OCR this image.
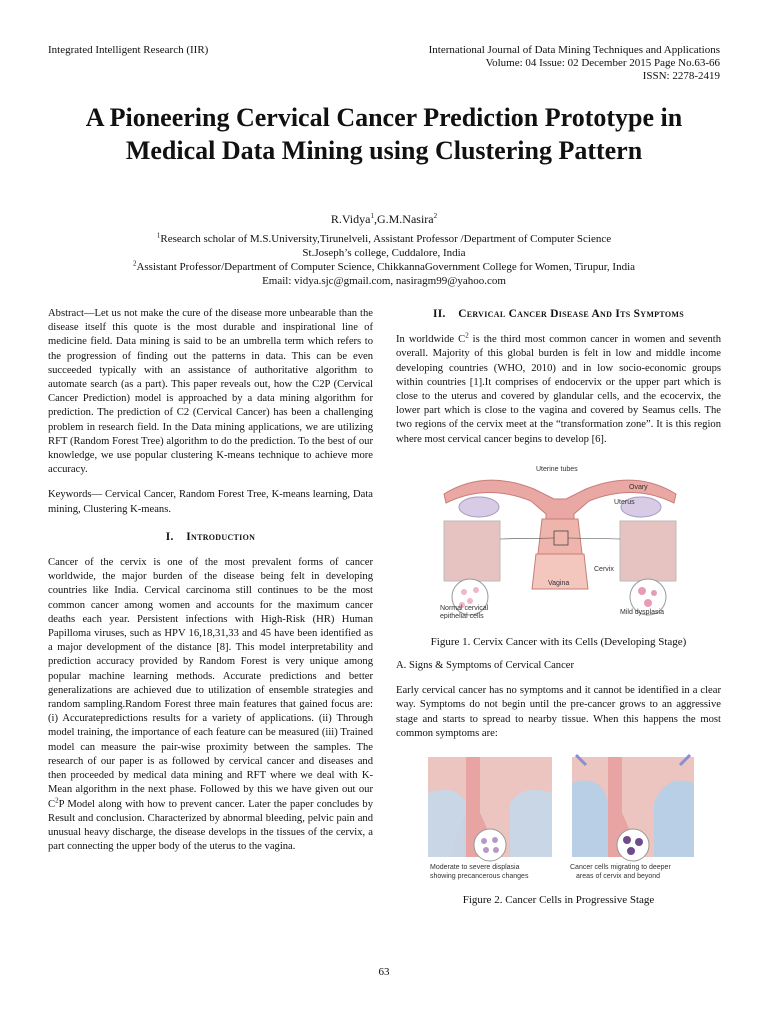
Integrated Intelligent Research (IIR)	International Journal of Data Mining Techniques and Applications
Volume: 04 Issue: 02 December 2015 Page No.63-66
ISSN: 2278-2419
A Pioneering Cervical Cancer Prediction Prototype in Medical Data Mining using Clustering Pattern
R.Vidya$^1$,G.M.Nasira$^2$
$^1$Research scholar of M.S.University,Tirunelveli, Assistant Professor /Department of Computer Science
St.Joseph’s college, Cuddalore, India
$^2$Assistant Professor/Department of Computer Science, ChikkannaGovernment College for Women, Tirupur, India
Email: vidya.sjc@gmail.com, nasiragm99@yahoo.com

Abstract—Let us not make the cure of the disease more unbearable than the disease itself this quote is the most durable and inspirational line of medicine field. Data mining is said to be an umbrella term which refers to the progression of finding out the patterns in data. This can be even succeeded typically with an assistance of authoritative algorithm to automate search (as a part). This paper reveals out, how the C2P (Cervical Cancer Prediction) model is approached by a data mining algorithm for prediction. The prediction of C2 (Cervical Cancer) has been a challenging problem in research field. In the Data mining applications, we are utilizing RFT (Random Forest Tree) algorithm to do the prediction. To the best of our knowledge, we use popular clustering K-means technique to achieve more accuracy.

Keywords— Cervical Cancer, Random Forest Tree, K-means learning, Data mining, Clustering K-means.

I. Introduction

Cancer of the cervix is one of the most prevalent forms of cancer worldwide, the major burden of the disease being felt in developing countries like India. Cervical carcinoma still continues to be the most common cancer among women and accounts for the maximum cancer deaths each year. Persistent infections with High-Risk (HR) Human Papilloma viruses, such as HPV 16,18,31,33 and 45 have been identified as a major development of the distance [8]. This model interpretability and prediction accuracy provided by Random Forest is very unique among popular machine learning methods. Accurate predictions and better generalizations are achieved due to utilization of ensemble strategies and random sampling.Random Forest three main features that gained focus are: (i) Accuratepredictions results for a variety of applications. (ii) Through model training, the importance of each feature can be measured (iii) Trained model can measure the pair-wise proximity between the samples. The research of our paper is as followed by cervical cancer and diseases and then proceeded by medical data mining and RFT where we deal with K-Mean algorithm in the next phase. Followed by this we have given out our $C^2P$ Model along with how to prevent cancer. Later the paper concludes by Result and conclusion. Characterized by abnormal bleeding, pelvic pain and unusual heavy discharge, the disease develops in the tissues of the cervix, a part connecting the upper body of the uterus to the vagina.

II. Cervical Cancer Disease And Its Symptoms

In worldwide $C^2$ is the third most common cancer in women and seventh overall. Majority of this global burden is felt in low and middle income developing countries (WHO, 2010) and in low socio-economic groups within countries [1].It comprises of endocervix or the upper part which is close to the uterus and covered by glandular cells, and the ecocervix, the lower part which is close to the vagina and covered by Seamus cells. The two regions of the cervix meet at the “transformation zone”. It is this region where most cervical cancer begins to develop [6].

Uterine tubes
Ovary
Uterus
Cervix
Vagina
Normal cervical
epithelial cells
Mild dysplasia
Figure 1. Cervix Cancer with its Cells (Developing Stage)

A. Signs & Symptoms of Cervical Cancer

Early cervical cancer has no symptoms and it cannot be identified in a clear way. Symptoms do not begin until the pre-cancer grows to an aggressive stage and starts to spread to nearby tissue. When this happens the most common symptoms are:

Moderate to severe displasia
showing precancerous changes
Cancer cells migrating to deeper
areas of cervix and beyond
Figure 2. Cancer Cells in Progressive Stage
63
